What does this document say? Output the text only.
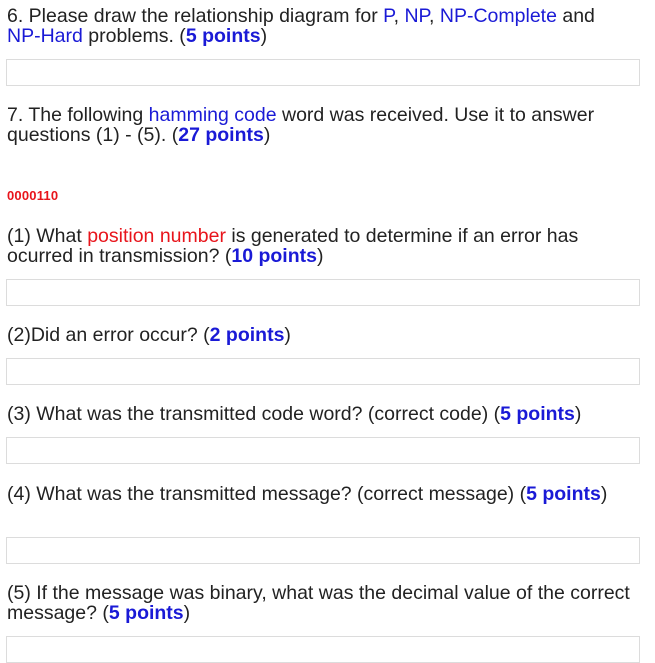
6. Please draw the relationship diagram for P, NP, NP-Complete and
NP-Hard problems. (5 points)

7. The following hamming code word was received. Use it to answer questions (1) - (5). (27 points)

0000110

(1) What position number is generated to determine if an error has ocurred in transmission? (10 points)

(2)Did an error occur? (2 points)

(3) What was the transmitted code word? (correct code) (5 points)

(4) What was the transmitted message? (correct message) (5 points)

(5) If the message was binary, what was the decimal value of the correct message? (5 points)
